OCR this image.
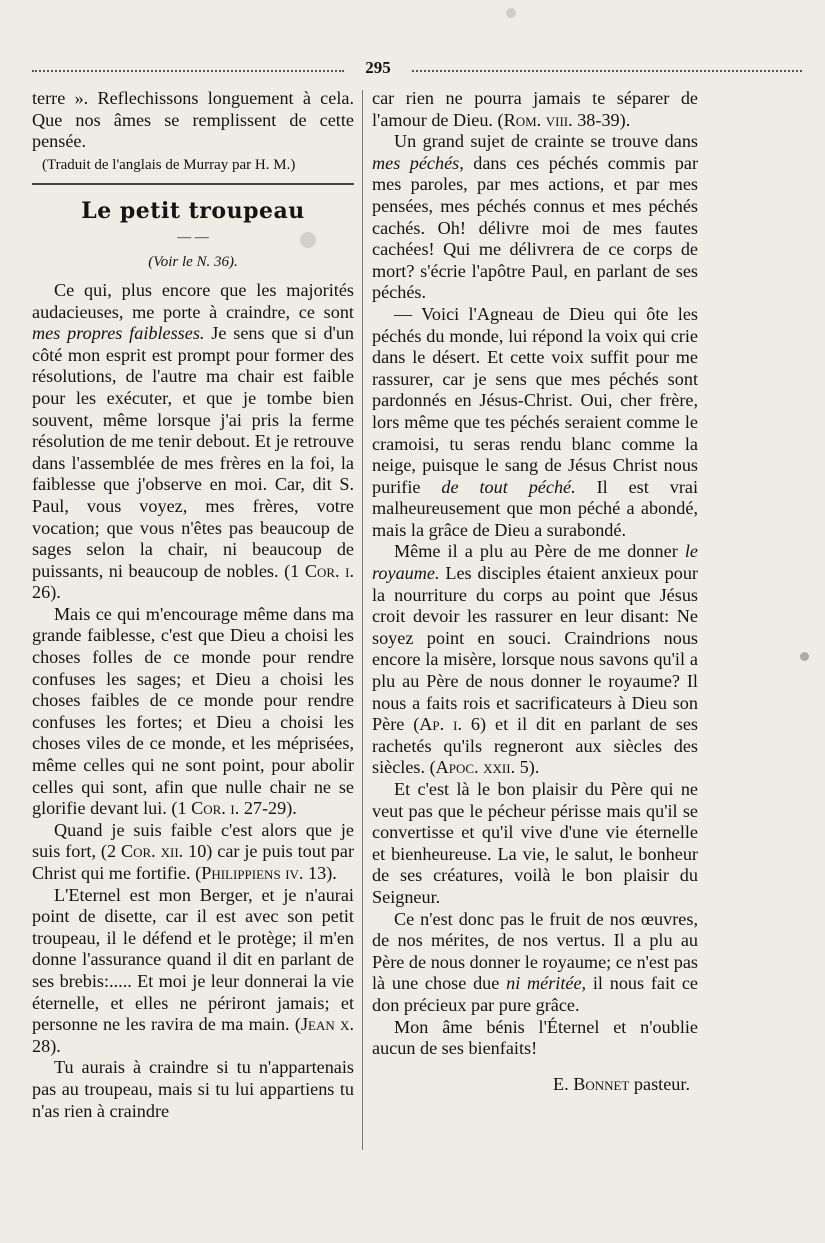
295

terre ». Reflechissons longuement à cela. Que nos âmes se remplissent de cette pensée.

(Traduit de l'anglais de Murray par H. M.)

Le petit troupeau
— —
(Voir le N. 36).

Ce qui, plus encore que les majorités audacieuses, me porte à craindre, ce sont mes propres faiblesses. Je sens que si d'un côté mon esprit est prompt pour former des résolutions, de l'autre ma chair est faible pour les exécuter, et que je tombe bien souvent, même lorsque j'ai pris la ferme résolution de me tenir debout. Et je retrouve dans l'assemblée de mes frères en la foi, la faiblesse que j'observe en moi. Car, dit S. Paul, vous voyez, mes frères, votre vocation; que vous n'êtes pas beaucoup de sages selon la chair, ni beaucoup de puissants, ni beaucoup de nobles. (1 Cor. i. 26).

Mais ce qui m'encourage même dans ma grande faiblesse, c'est que Dieu a choisi les choses folles de ce monde pour rendre confuses les sages; et Dieu a choisi les choses faibles de ce monde pour rendre confuses les fortes; et Dieu a choisi les choses viles de ce monde, et les méprisées, même celles qui ne sont point, pour abolir celles qui sont, afin que nulle chair ne se glorifie devant lui. (1 Cor. i. 27-29).

Quand je suis faible c'est alors que je suis fort, (2 Cor. xii. 10) car je puis tout par Christ qui me fortifie. (Philippiens iv. 13).

L'Eternel est mon Berger, et je n'aurai point de disette, car il est avec son petit troupeau, il le défend et le protège; il m'en donne l'assurance quand il dit en parlant de ses brebis:..... Et moi je leur donnerai la vie éternelle, et elles ne périront jamais; et personne ne les ravira de ma main. (Jean x. 28).

Tu aurais à craindre si tu n'appartenais pas au troupeau, mais si tu lui appartiens tu n'as rien à craindre

car rien ne pourra jamais te séparer de l'amour de Dieu. (Rom. viii. 38-39).

Un grand sujet de crainte se trouve dans mes péchés, dans ces péchés commis par mes paroles, par mes actions, et par mes pensées, mes péchés connus et mes péchés cachés. Oh! délivre moi de mes fautes cachées! Qui me délivrera de ce corps de mort? s'écrie l'apôtre Paul, en parlant de ses péchés.

— Voici l'Agneau de Dieu qui ôte les péchés du monde, lui répond la voix qui crie dans le désert. Et cette voix suffit pour me rassurer, car je sens que mes péchés sont pardonnés en Jésus-Christ. Oui, cher frère, lors même que tes péchés seraient comme le cramoisi, tu seras rendu blanc comme la neige, puisque le sang de Jésus Christ nous purifie de tout péché. Il est vrai malheureusement que mon péché a abondé, mais la grâce de Dieu a surabondé.

Même il a plu au Père de me donner le royaume. Les disciples étaient anxieux pour la nourriture du corps au point que Jésus croit devoir les rassurer en leur disant: Ne soyez point en souci. Craindrions nous encore la misère, lorsque nous savons qu'il a plu au Père de nous donner le royaume? Il nous a faits rois et sacrificateurs à Dieu son Père (Ap. i. 6) et il dit en parlant de ses rachetés qu'ils regneront aux siècles des siècles. (Apoc. xxii. 5).

Et c'est là le bon plaisir du Père qui ne veut pas que le pécheur périsse mais qu'il se convertisse et qu'il vive d'une vie éternelle et bienheureuse. La vie, le salut, le bonheur de ses créatures, voilà le bon plaisir du Seigneur.

Ce n'est donc pas le fruit de nos œuvres, de nos mérites, de nos vertus. Il a plu au Père de nous donner le royaume; ce n'est pas là une chose due ni méritée, il nous fait ce don précieux par pure grâce.

Mon âme bénis l'Éternel et n'oublie aucun de ses bienfaits!

E. Bonnet pasteur.
